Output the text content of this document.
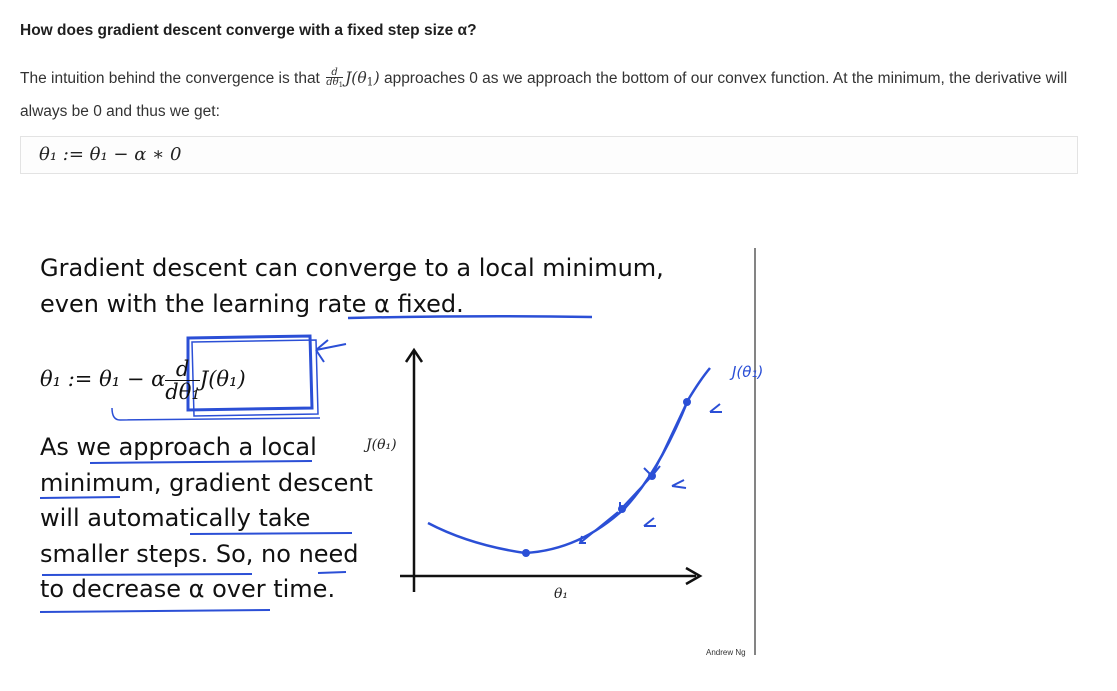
How does gradient descent converge with a fixed step size α?
The intuition behind the convergence is that $\frac{d}{d\theta_1} J(\theta_1)$ approaches 0 as we approach the bottom of our convex function. At the minimum, the derivative will always be 0 and thus we get:
θ₁ := θ₁ − α ∗ 0
Gradient descent can converge to a local minimum, even with the learning rate α fixed.
θ₁ := θ₁ − α $\frac{d}{\text{dθ₁}}J(\theta_1)$
As we approach a local minimum, gradient descent will automatically take smaller steps. So, no need to decrease α over time.
J(θ₁)
θ₁
J(θ₁)
Andrew Ng
